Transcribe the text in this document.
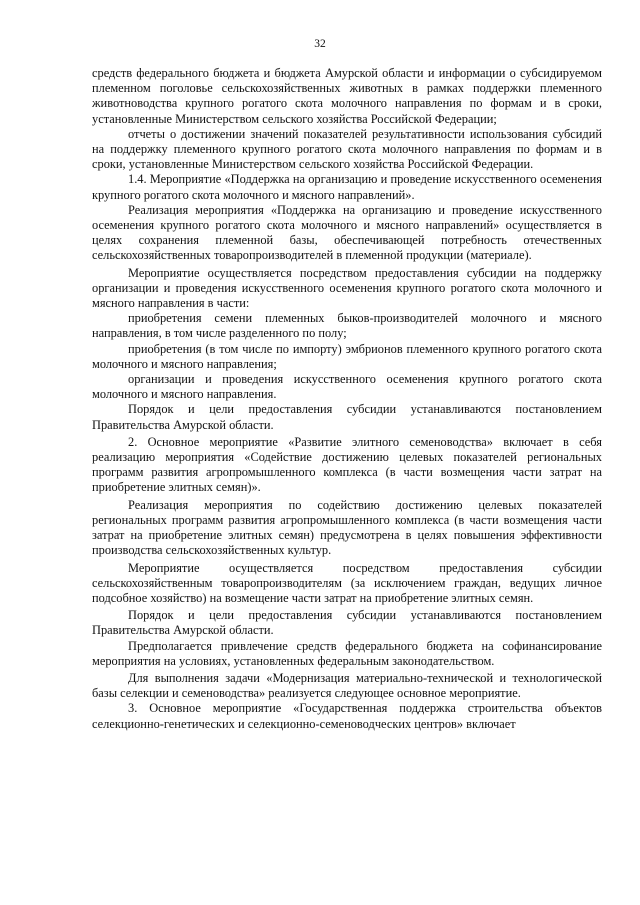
32

средств федерального бюджета и бюджета Амурской области и информации о субсидируемом племенном поголовье сельскохозяйственных животных в рамках поддержки племенного животноводства крупного рогатого скота молочного направления по формам и в сроки, установленные Министерством сельского хозяйства Российской Федерации;

отчеты о достижении значений показателей результативности использования субсидий на поддержку племенного крупного рогатого скота молочного направления по формам и в сроки, установленные Министерством сельского хозяйства Российской Федерации.

1.4. Мероприятие «Поддержка на организацию и проведение искусственного осеменения крупного рогатого скота молочного и мясного направлений».

Реализация мероприятия «Поддержка на организацию и проведение искусственного осеменения крупного рогатого скота молочного и мясного направлений» осуществляется в целях сохранения племенной базы, обеспечивающей потребность отечественных сельскохозяйственных товаропроизводителей в племенной продукции (материале).

Мероприятие осуществляется посредством предоставления субсидии на поддержку организации и проведения искусственного осеменения крупного рогатого скота молочного и мясного направления в части:

приобретения семени племенных быков-производителей молочного и мясного направления, в том числе разделенного по полу;

приобретения (в том числе по импорту) эмбрионов племенного крупного рогатого скота молочного и мясного направления;

организации и проведения искусственного осеменения крупного рогатого скота молочного и мясного направления.

Порядок и цели предоставления субсидии устанавливаются постановлением Правительства Амурской области.

2. Основное мероприятие «Развитие элитного семеноводства» включает в себя реализацию мероприятия «Содействие достижению целевых показателей региональных программ развития агропромышленного комплекса (в части возмещения части затрат на приобретение элитных семян)».

Реализация мероприятия по содействию достижению целевых показателей региональных программ развития агропромышленного комплекса (в части возмещения части затрат на приобретение элитных семян) предусмотрена в целях повышения эффективности производства сельскохозяйственных культур.

Мероприятие осуществляется посредством предоставления субсидии сельскохозяйственным товаропроизводителям (за исключением граждан, ведущих личное подсобное хозяйство) на возмещение части затрат на приобретение элитных семян.

Порядок и цели предоставления субсидии устанавливаются постановлением Правительства Амурской области.

Предполагается привлечение средств федерального бюджета на софинансирование мероприятия на условиях, установленных федеральным законодательством.

Для выполнения задачи «Модернизация материально-технической и технологической базы селекции и семеноводства» реализуется следующее основное мероприятие.

3. Основное мероприятие «Государственная поддержка строительства объектов селекционно-генетических и селекционно-семеноводческих центров» включает
